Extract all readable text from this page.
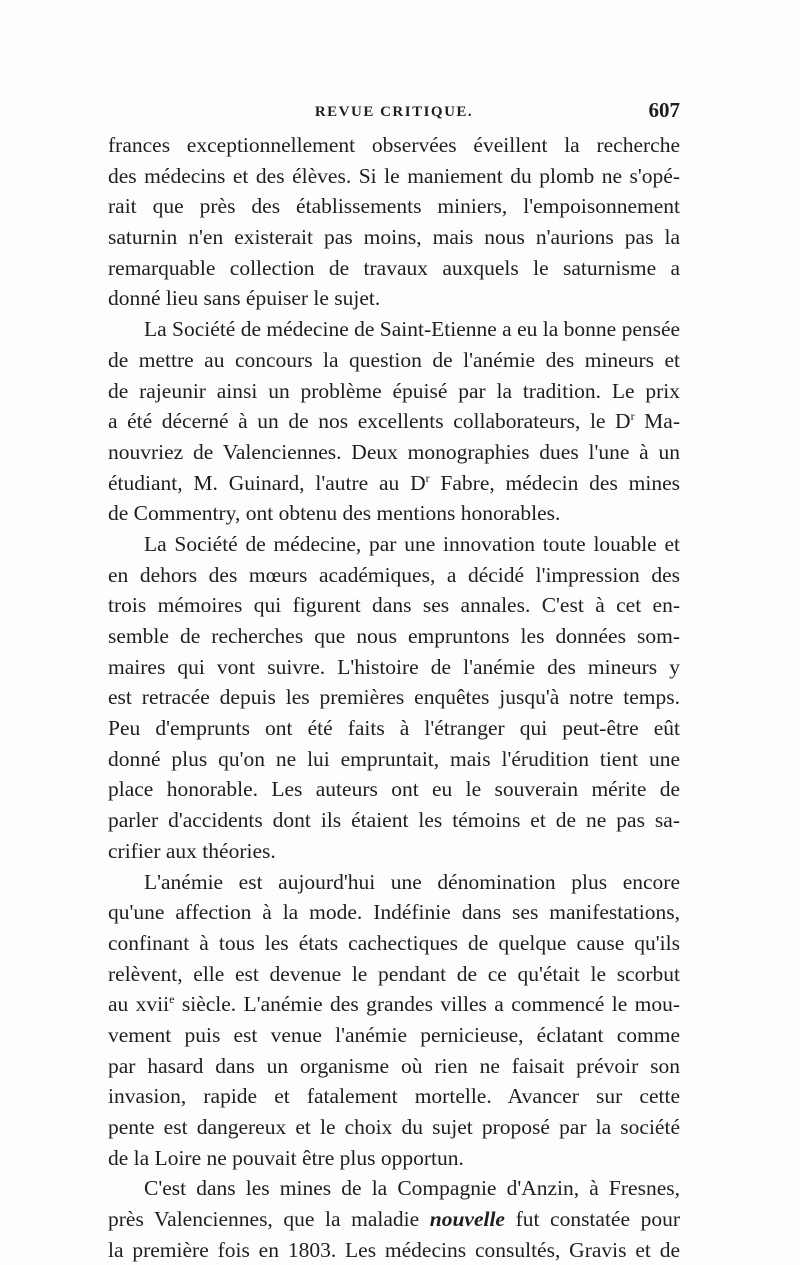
REVUE CRITIQUE.	607
frances exceptionnellement observées éveillent la recherche
des médecins et des élèves. Si le maniement du plomb ne s'opé-
rait que près des établissements miniers, l'empoisonnement
saturnin n'en existerait pas moins, mais nous n'aurions pas la
remarquable collection de travaux auxquels le saturnisme a
donné lieu sans épuiser le sujet.
La Société de médecine de Saint-Etienne a eu la bonne pensée
de mettre au concours la question de l'anémie des mineurs et
de rajeunir ainsi un problème épuisé par la tradition. Le prix
a été décerné à un de nos excellents collaborateurs, le $D^r$ Ma-
nouvriez de Valenciennes. Deux monographies dues l'une à un
étudiant, M. Guinard, l'autre au $D^r$ Fabre, médecin des mines
de Commentry, ont obtenu des mentions honorables.
La Société de médecine, par une innovation toute louable et
en dehors des mœurs académiques, a décidé l'impression des
trois mémoires qui figurent dans ses annales. C'est à cet en-
semble de recherches que nous empruntons les données som-
maires qui vont suivre. L'histoire de l'anémie des mineurs y
est retracée depuis les premières enquêtes jusqu'à notre temps.
Peu d'emprunts ont été faits à l'étranger qui peut-être eût
donné plus qu'on ne lui empruntait, mais l'érudition tient une
place honorable. Les auteurs ont eu le souverain mérite de
parler d'accidents dont ils étaient les témoins et de ne pas sa-
crifier aux théories.
L'anémie est aujourd'hui une dénomination plus encore
qu'une affection à la mode. Indéfinie dans ses manifestations,
confinant à tous les états cachectiques de quelque cause qu'ils
relèvent, elle est devenue le pendant de ce qu'était le scorbut
au xvii$^e$ siècle. L'anémie des grandes villes a commencé le mou-
vement puis est venue l'anémie pernicieuse, éclatant comme
par hasard dans un organisme où rien ne faisait prévoir son
invasion, rapide et fatalement mortelle. Avancer sur cette
pente est dangereux et le choix du sujet proposé par la société
de la Loire ne pouvait être plus opportun.
C'est dans les mines de la Compagnie d'Anzin, à Fresnes,
près Valenciennes, que la maladie nouvelle fut constatée pour
la première fois en 1803. Les médecins consultés, Gravis et de
